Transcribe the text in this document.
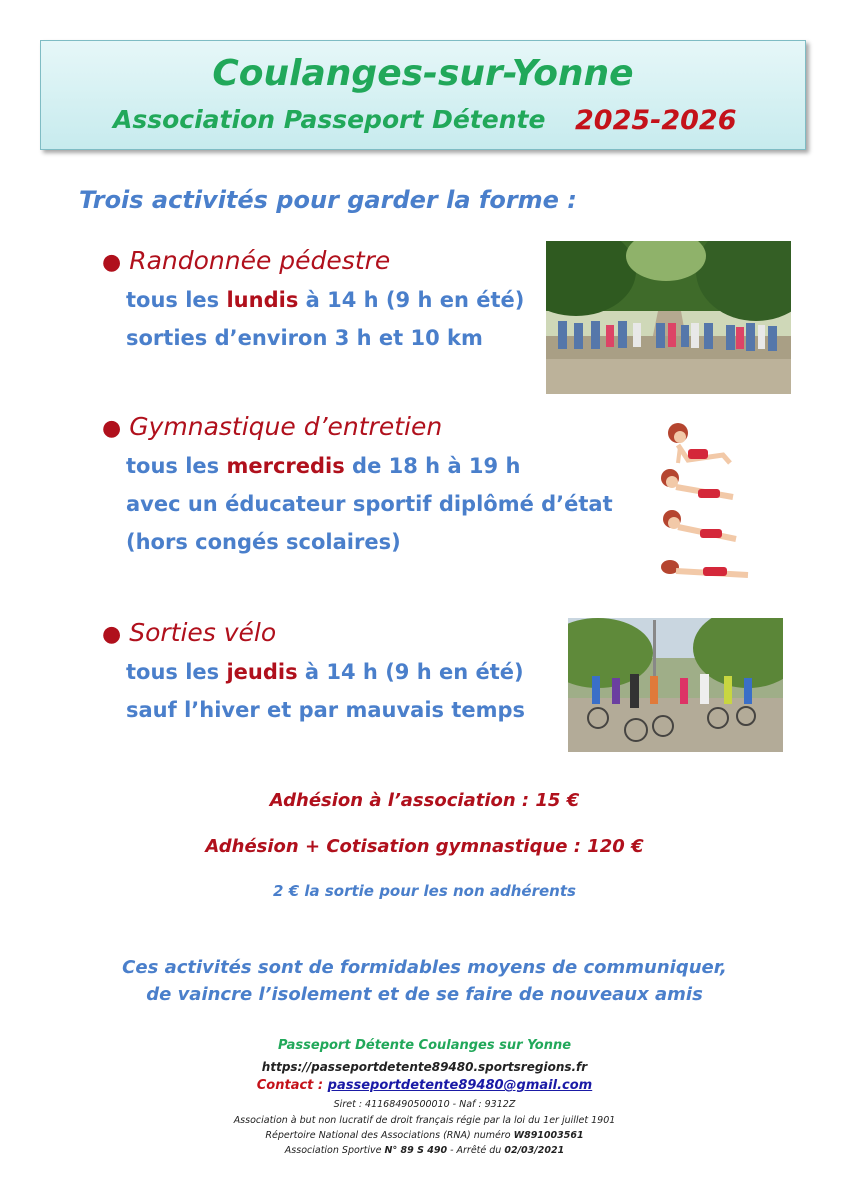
Coulanges-sur-Yonne
Association Passeport Détente 2025-2026
Trois activités pour garder la forme :
● Randonnée pédestre
tous les lundis à 14 h (9 h en été)
sorties d’environ 3 h et 10 km
● Gymnastique d’entretien
tous les mercredis de 18 h à 19 h
avec un éducateur sportif diplômé d’état
(hors congés scolaires)
● Sorties vélo
tous les jeudis à 14 h (9 h en été)
sauf l’hiver et par mauvais temps
Adhésion à l’association : 15 €
Adhésion + Cotisation gymnastique : 120 €
2 € la sortie pour les non adhérents
Ces activités sont de formidables moyens de communiquer,
de vaincre l’isolement et de se faire de nouveaux amis
Passeport Détente Coulanges sur Yonne
https://passeportdetente89480.sportsregions.fr
Contact : passeportdetente89480@gmail.com
Siret : 41168490500010 - Naf : 9312Z
Association à but non lucratif de droit français régie par la loi du 1er juillet 1901
Répertoire National des Associations (RNA) numéro W891003561
Association Sportive N° 89 S 490 - Arrêté du 02/03/2021
